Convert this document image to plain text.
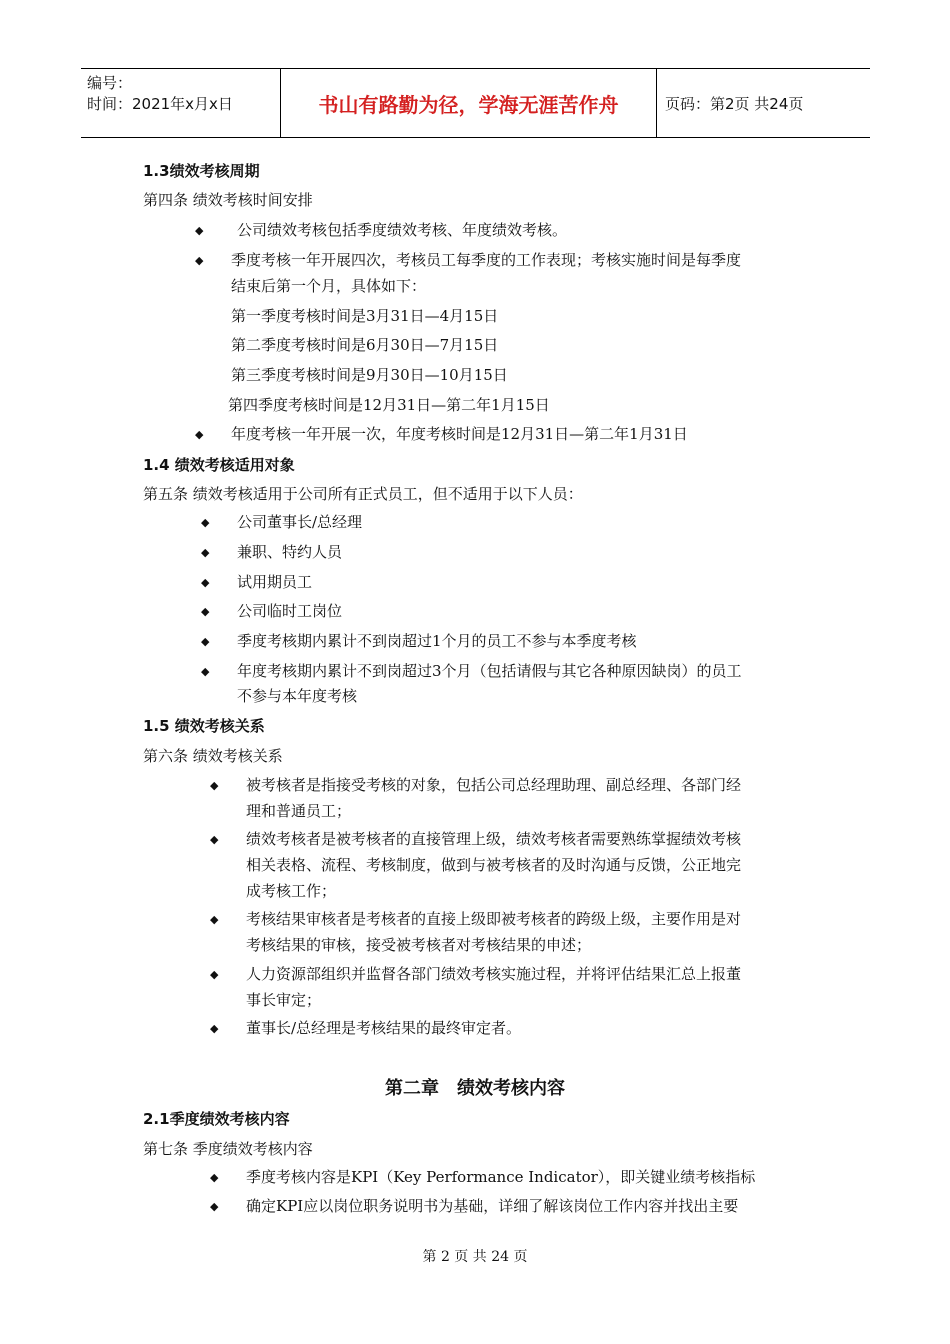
编号：
时间：2021年x月x日	书山有路勤为径，学海无涯苦作舟	页码：第2页 共24页
1.3绩效考核周期
第四条 绩效考核时间安排
◆ 公司绩效考核包括季度绩效考核、年度绩效考核。
◆ 季度考核一年开展四次，考核员工每季度的工作表现；考核实施时间是每季度
结束后第一个月，具体如下：
第一季度考核时间是3月31日—4月15日
第二季度考核时间是6月30日—7月15日
第三季度考核时间是9月30日—10月15日
第四季度考核时间是12月31日—第二年1月15日
◆ 年度考核一年开展一次，年度考核时间是12月31日—第二年1月31日
1.4 绩效考核适用对象
第五条 绩效考核适用于公司所有正式员工，但不适用于以下人员：
◆ 公司董事长/总经理
◆ 兼职、特约人员
◆ 试用期员工
◆ 公司临时工岗位
◆ 季度考核期内累计不到岗超过1个月的员工不参与本季度考核
◆ 年度考核期内累计不到岗超过3个月（包括请假与其它各种原因缺岗）的员工
不参与本年度考核
1.5 绩效考核关系
第六条 绩效考核关系
◆ 被考核者是指接受考核的对象，包括公司总经理助理、副总经理、各部门经
理和普通员工；
◆ 绩效考核者是被考核者的直接管理上级，绩效考核者需要熟练掌握绩效考核
相关表格、流程、考核制度，做到与被考核者的及时沟通与反馈，公正地完
成考核工作；
◆ 考核结果审核者是考核者的直接上级即被考核者的跨级上级，主要作用是对
考核结果的审核，接受被考核者对考核结果的申述；
◆ 人力资源部组织并监督各部门绩效考核实施过程，并将评估结果汇总上报董
事长审定；
◆ 董事长/总经理是考核结果的最终审定者。
第二章　绩效考核内容
2.1季度绩效考核内容
第七条 季度绩效考核内容
◆ 季度考核内容是KPI（Key Performance Indicator），即关键业绩考核指标
◆ 确定KPI应以岗位职务说明书为基础，详细了解该岗位工作内容并找出主要
第 2 页 共 24 页
